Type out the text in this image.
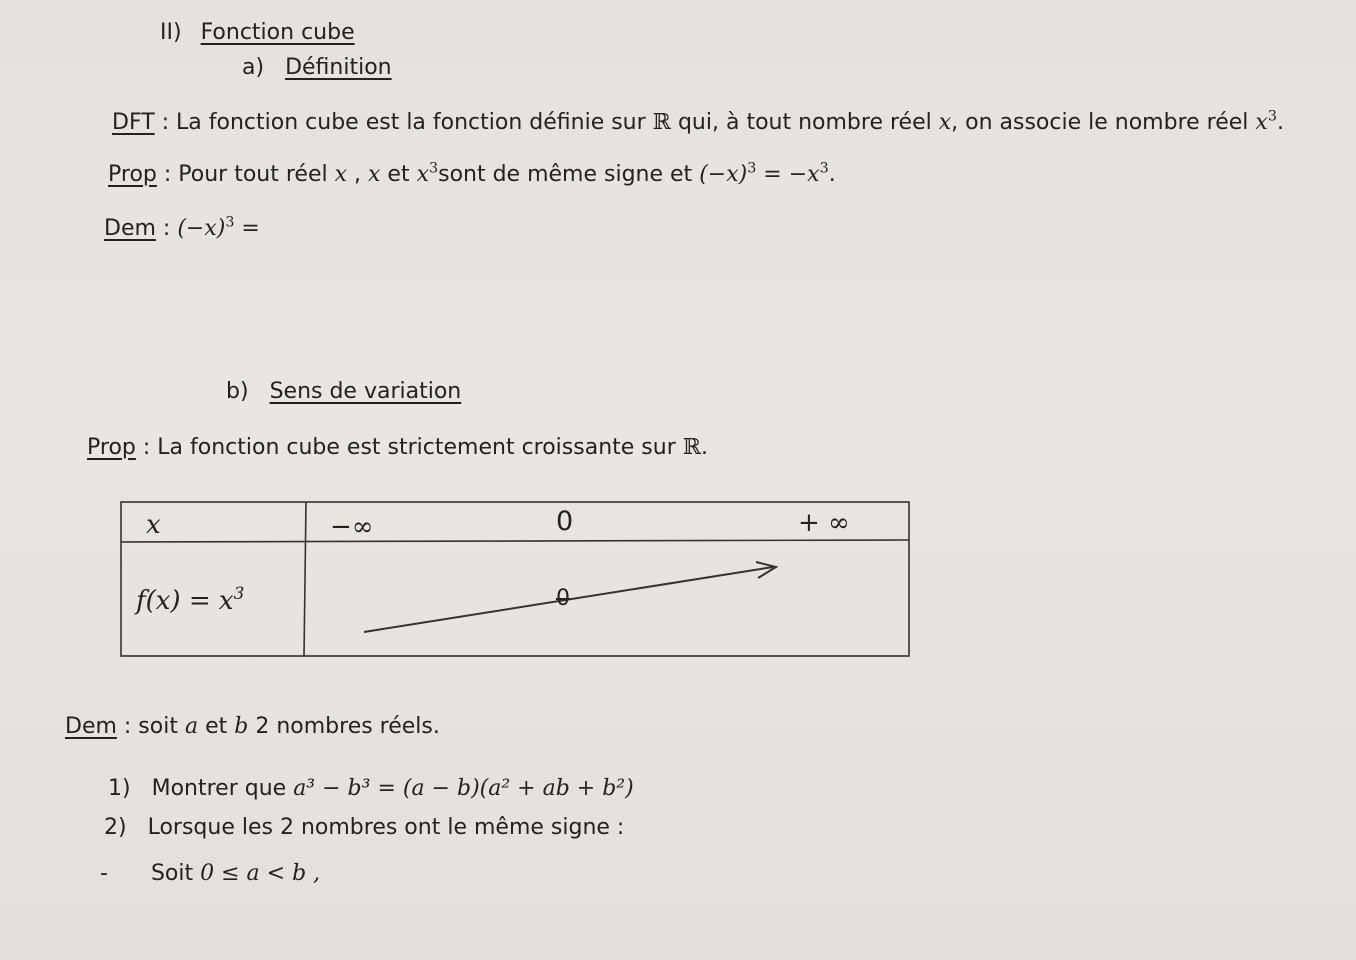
II) Fonction cube
a) Définition
DFT : La fonction cube est la fonction définie sur ℝ qui, à tout nombre réel x, on associe le nombre réel $x^3$.
Prop : Pour tout réel x , x et $x^3sont$ de même signe et $(-x)^3 = -x^3$.
Dem : $(-x)^3$ =
b) Sens de variation
Prop : La fonction cube est strictement croissante sur ℝ.
x	−∞	0	+ ∞
$f(x) = x^3$	0
Dem : soit a et b 2 nombres réels.
1) Montrer que a³ − b³ = (a − b)(a² + ab + b²)
2) Lorsque les 2 nombres ont le même signe :
- Soit 0 ≤ a < b ,
